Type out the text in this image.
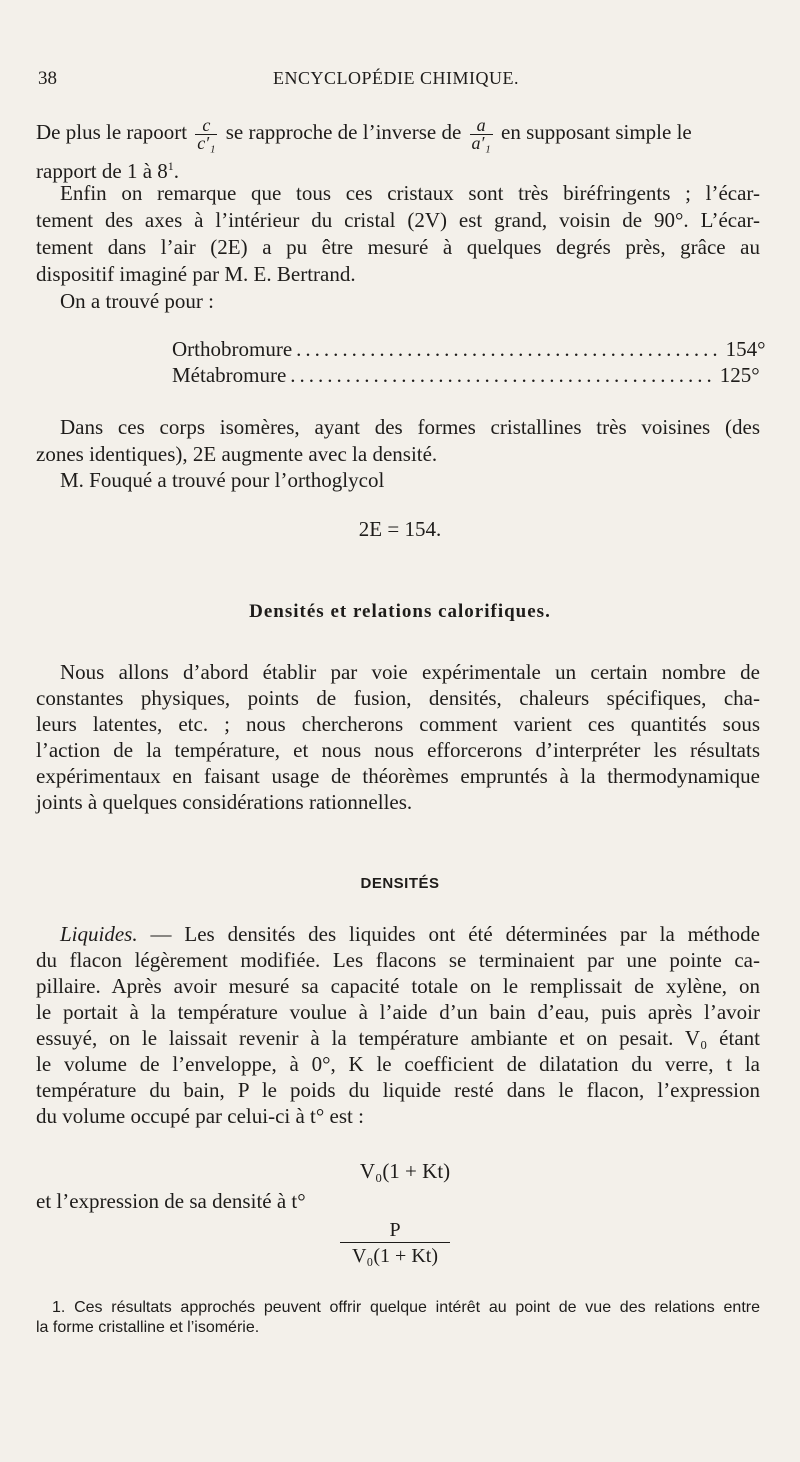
38	ENCYCLOPÉDIE CHIMIQUE.
De plus le rapoort $\frac{c}{\text{c′₁}}$ se rapproche de l’inverse de $\frac{a}{\text{a′₁}}$ en supposant simple le
rapport de 1 à $8^1$.
Enfin on remarque que tous ces cristaux sont très biréfringents ; l’écar-
tement des axes à l’intérieur du cristal (2V) est grand, voisin de 90°. L’écar-
tement dans l’air (2E) a pu être mesuré à quelques degrés près, grâce au
dispositif imaginé par M. E. Bertrand.
On a trouvé pour :
Orthobromure .............................................. 154°
Métabromure .............................................. 125°
Dans ces corps isomères, ayant des formes cristallines très voisines (des
zones identiques), 2E augmente avec la densité.
M. Fouqué a trouvé pour l’orthoglycol
2E = 154.
Densités et relations calorifiques.
Nous allons d’abord établir par voie expérimentale un certain nombre de
constantes physiques, points de fusion, densités, chaleurs spécifiques, cha-
leurs latentes, etc. ; nous chercherons comment varient ces quantités sous
l’action de la température, et nous nous efforcerons d’interpréter les résultats
expérimentaux en faisant usage de théorèmes empruntés à la thermodynamique
joints à quelques considérations rationnelles.
DENSITÉS
Liquides. — Les densités des liquides ont été déterminées par la méthode
du flacon légèrement modifiée. Les flacons se terminaient par une pointe ca-
pillaire. Après avoir mesuré sa capacité totale on le remplissait de xylène, on
le portait à la température voulue à l’aide d’un bain d’eau, puis après l’avoir
essuyé, on le laissait revenir à la température ambiante et on pesait. V₀ étant
le volume de l’enveloppe, à 0°, K le coefficient de dilatation du verre, t la
température du bain, P le poids du liquide resté dans le flacon, l’expression
du volume occupé par celui-ci à t° est :
V₀(1 + Kt)
et l’expression de sa densité à t°
$\frac{P}{\text{V₀(1 + Kt)}}$
1. Ces résultats approchés peuvent offrir quelque intérêt au point de vue des relations entre
la forme cristalline et l’isomérie.
